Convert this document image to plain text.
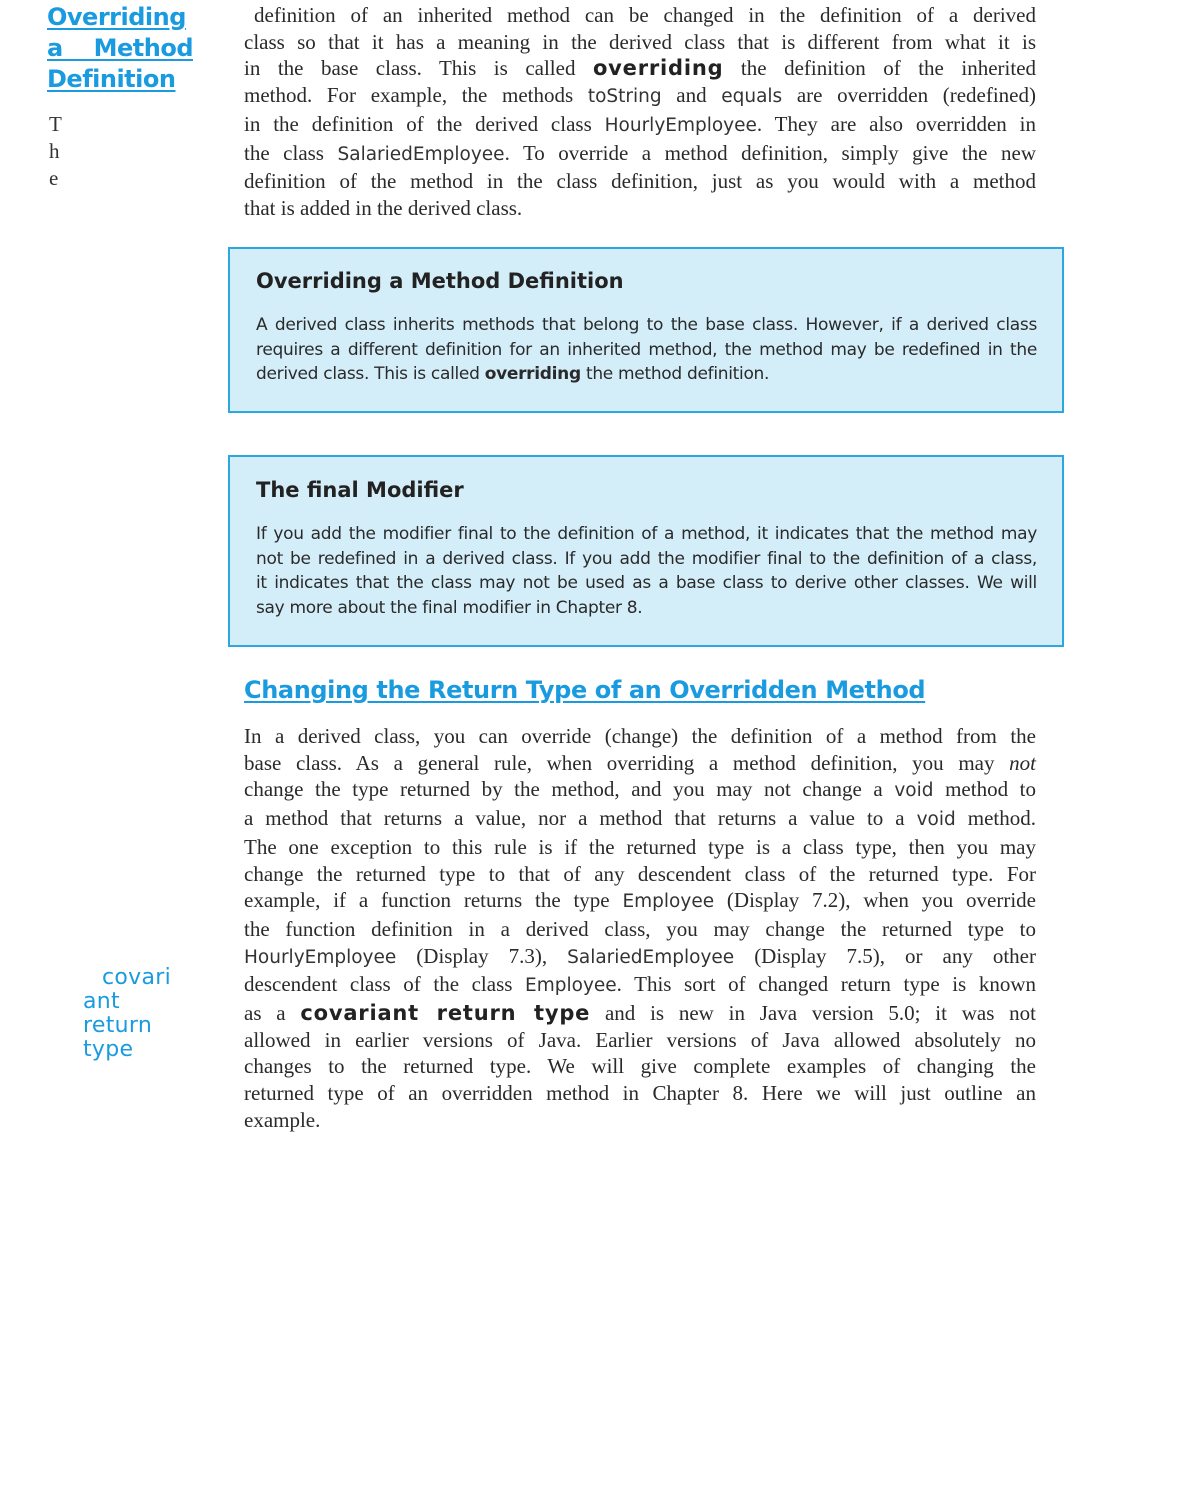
Overriding
a Method
Definition
T
h
e
definition of an inherited method can be changed in the definition of a derived
class so that it has a meaning in the derived class that is different from what it is
in the base class. This is called overriding the definition of the inherited
method. For example, the methods toString and equals are overridden (redefined)
in the definition of the derived class HourlyEmployee. They are also overridden in
the class SalariedEmployee. To override a method definition, simply give the new
definition of the method in the class definition, just as you would with a method
that is added in the derived class.
Overriding a Method Definition
A derived class inherits methods that belong to the base class. However, if a derived class
requires a different definition for an inherited method, the method may be redefined in the
derived class. This is called overriding the method definition.
The final Modifier
If you add the modifier final to the definition of a method, it indicates that the method may
not be redefined in a derived class. If you add the modifier final to the definition of a class,
it indicates that the class may not be used as a base class to derive other classes. We will
say more about the final modifier in Chapter 8.
Changing the Return Type of an Overridden Method
covari
ant
return
type
In a derived class, you can override (change) the definition of a method from the
base class. As a general rule, when overriding a method definition, you may not
change the type returned by the method, and you may not change a void method to
a method that returns a value, nor a method that returns a value to a void method.
The one exception to this rule is if the returned type is a class type, then you may
change the returned type to that of any descendent class of the returned type. For
example, if a function returns the type Employee (Display 7.2), when you override
the function definition in a derived class, you may change the returned type to
HourlyEmployee (Display 7.3), SalariedEmployee (Display 7.5), or any other
descendent class of the class Employee. This sort of changed return type is known
as a covariant return type and is new in Java version 5.0; it was not
allowed in earlier versions of Java. Earlier versions of Java allowed absolutely no
changes to the returned type. We will give complete examples of changing the
returned type of an overridden method in Chapter 8. Here we will just outline an
example.
